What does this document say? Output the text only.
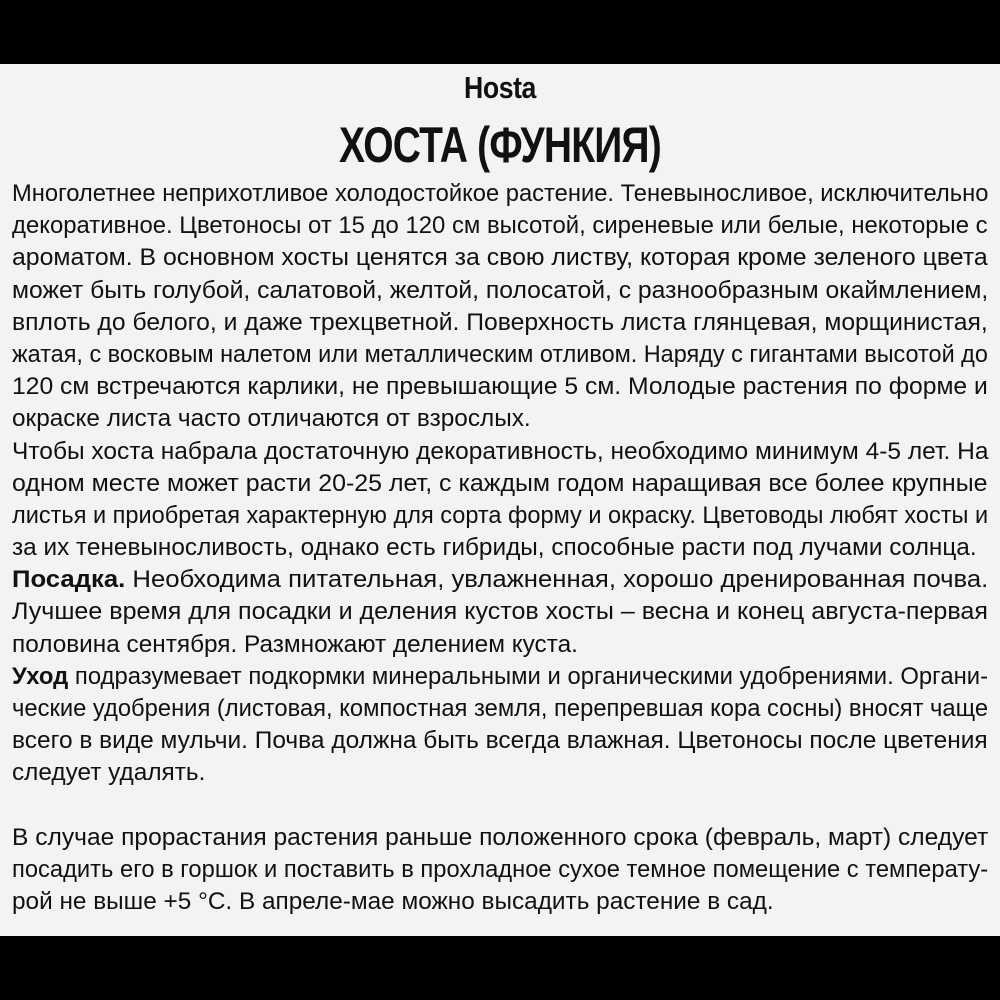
Hosta
ХОСТА (ФУНКИЯ)
Многолетнее неприхотливое холодостойкое растение. Теневыносливое, исключительно
декоративное. Цветоносы от 15 до 120 см высотой, сиреневые или белые, некоторые с
ароматом. В основном хосты ценятся за свою листву, которая кроме зеленого цвета
может быть голубой, салатовой, желтой, полосатой, с разнообразным окаймлением,
вплоть до белого, и даже трехцветной. Поверхность листа глянцевая, морщинистая,
жатая, с восковым налетом или металлическим отливом. Наряду с гигантами высотой до
120 см встречаются карлики, не превышающие 5 см. Молодые растения по форме и
окраске листа часто отличаются от взрослых.
Чтобы хоста набрала достаточную декоративность, необходимо минимум 4-5 лет. На
одном месте может расти 20-25 лет, с каждым годом наращивая все более крупные
листья и приобретая характерную для сорта форму и окраску. Цветоводы любят хосты и
за их теневыносливость, однако есть гибриды, способные расти под лучами солнца.
Посадка. Необходима питательная, увлажненная, хорошо дренированная почва.
Лучшее время для посадки и деления кустов хосты – весна и конец августа-первая
половина сентября. Размножают делением куста.
Уход подразумевает подкормки минеральными и органическими удобрениями. Органи-
ческие удобрения (листовая, компостная земля, перепревшая кора сосны) вносят чаще
всего в виде мульчи. Почва должна быть всегда влажная. Цветоносы после цветения
следует удалять.
В случае прорастания растения раньше положенного срока (февраль, март) следует
посадить его в горшок и поставить в прохладное сухое темное помещение с температу-
рой не выше +5 °С. В апреле-мае можно высадить растение в сад.
